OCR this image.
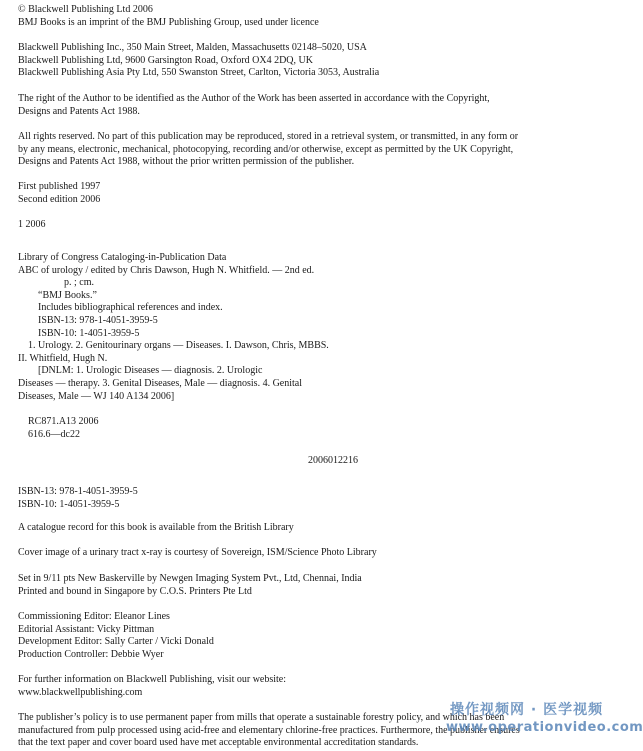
© Blackwell Publishing Ltd 2006
BMJ Books is an imprint of the BMJ Publishing Group, used under licence
Blackwell Publishing Inc., 350 Main Street, Malden, Massachusetts 02148–5020, USA
Blackwell Publishing Ltd, 9600 Garsington Road, Oxford OX4 2DQ, UK
Blackwell Publishing Asia Pty Ltd, 550 Swanston Street, Carlton, Victoria 3053, Australia
The right of the Author to be identified as the Author of the Work has been asserted in accordance with the Copyright,
Designs and Patents Act 1988.
All rights reserved. No part of this publication may be reproduced, stored in a retrieval system, or transmitted, in any form or
by any means, electronic, mechanical, photocopying, recording and/or otherwise, except as permitted by the UK Copyright,
Designs and Patents Act 1988, without the prior written permission of the publisher.
First published 1997
Second edition 2006
1 2006
Library of Congress Cataloging-in-Publication Data
ABC of urology / edited by Chris Dawson, Hugh N. Whitfield. — 2nd ed.
p. ; cm.
“BMJ Books.”
Includes bibliographical references and index.
ISBN-13: 978-1-4051-3959-5
ISBN-10: 1-4051-3959-5
1. Urology. 2. Genitourinary organs — Diseases. I. Dawson, Chris, MBBS.
II. Whitfield, Hugh N.
[DNLM: 1. Urologic Diseases — diagnosis. 2. Urologic
Diseases — therapy. 3. Genital Diseases, Male — diagnosis. 4. Genital
Diseases, Male — WJ 140 A134 2006]
RC871.A13 2006
616.6—dc22
2006012216
ISBN-13: 978-1-4051-3959-5
ISBN-10: 1-4051-3959-5
A catalogue record for this book is available from the British Library
Cover image of a urinary tract x-ray is courtesy of Sovereign, ISM/Science Photo Library
Set in 9/11 pts New Baskerville by Newgen Imaging System Pvt., Ltd, Chennai, India
Printed and bound in Singapore by C.O.S. Printers Pte Ltd
Commissioning Editor: Eleanor Lines
Editorial Assistant: Vicky Pittman
Development Editor: Sally Carter / Vicki Donald
Production Controller: Debbie Wyer
For further information on Blackwell Publishing, visit our website:
www.blackwellpublishing.com
The publisher’s policy is to use permanent paper from mills that operate a sustainable forestry policy, and which has been
manufactured from pulp processed using acid-free and elementary chlorine-free practices. Furthermore, the publisher ensures
that the text paper and cover board used have met acceptable environmental accreditation standards.
操作视频网 · 医学视频
www.operationvideo.com
